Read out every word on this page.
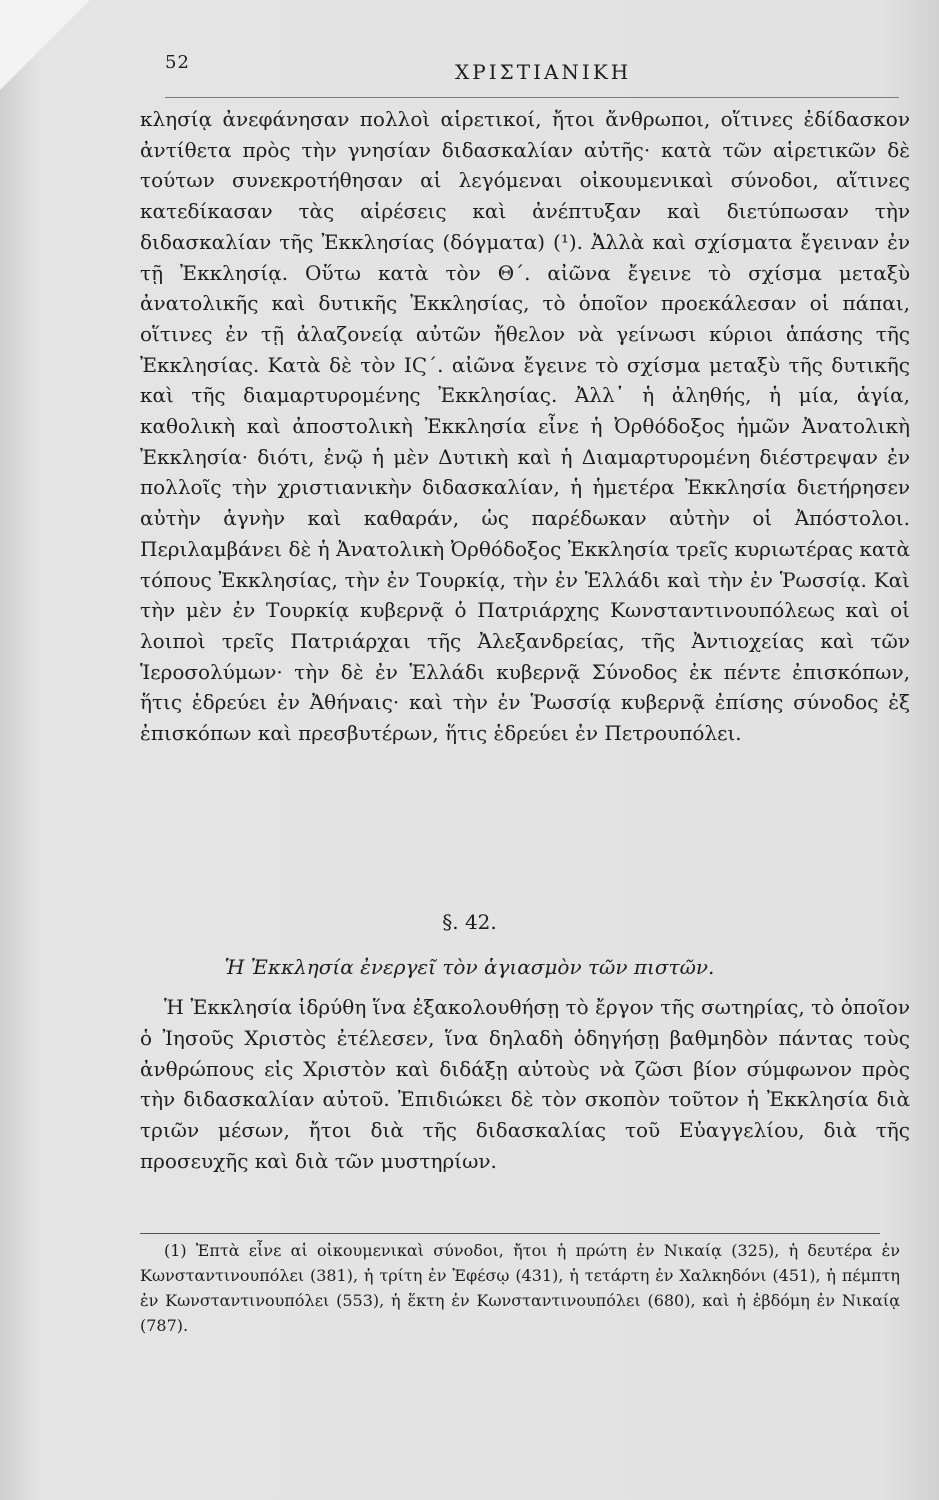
52	ΧΡΙΣΤΙΑΝΙΚΗ
κλησίᾳ ἀνεφάνησαν πολλοὶ αἱρετικοί, ἤτοι ἄνθρωποι, οἵτινες ἐδίδασκον ἀντίθετα πρὸς τὴν γνησίαν διδασκαλίαν αὐτῆς· κατὰ τῶν αἱρετικῶν δὲ τούτων συνεκροτήθησαν αἱ λεγόμεναι οἰκουμενικαὶ σύνοδοι, αἵτινες κατεδίκασαν τὰς αἱρέσεις καὶ ἀνέπτυξαν καὶ διετύπωσαν τὴν διδασκαλίαν τῆς Ἐκκλησίας (δόγματα) (¹). Ἀλλὰ καὶ σχίσματα ἔγειναν ἐν τῇ Ἐκκλησίᾳ. Οὕτω κατὰ τὸν Θ΄. αἰῶνα ἔγεινε τὸ σχίσμα μεταξὺ ἀνατολικῆς καὶ δυτικῆς Ἐκκλησίας, τὸ ὁποῖον προεκάλεσαν οἱ πάπαι, οἵτινες ἐν τῇ ἀλαζονείᾳ αὐτῶν ἤθελον νὰ γείνωσι κύριοι ἁπάσης τῆς Ἐκκλησίας. Κατὰ δὲ τὸν ΙϚ΄. αἰῶνα ἔγεινε τὸ σχίσμα μεταξὺ τῆς δυτικῆς καὶ τῆς διαμαρτυρομένης Ἐκκλησίας. Ἀλλ᾽ ἡ ἀληθής, ἡ μία, ἁγία, καθολικὴ καὶ ἀποστολικὴ Ἐκκλησία εἶνε ἡ Ὀρθόδοξος ἡμῶν Ἀνατολικὴ Ἐκκλησία· διότι, ἐνῷ ἡ μὲν Δυτικὴ καὶ ἡ Διαμαρτυρομένη διέστρεψαν ἐν πολλοῖς τὴν χριστιανικὴν διδασκαλίαν, ἡ ἡμετέρα Ἐκκλησία διετήρησεν αὐτὴν ἁγνὴν καὶ καθαράν, ὡς παρέδωκαν αὐτὴν οἱ Ἀπόστολοι. Περιλαμβάνει δὲ ἡ Ἀνατολικὴ Ὀρθόδοξος Ἐκκλησία τρεῖς κυριωτέρας κατὰ τόπους Ἐκκλησίας, τὴν ἐν Τουρκίᾳ, τὴν ἐν Ἑλλάδι καὶ τὴν ἐν Ῥωσσίᾳ. Καὶ τὴν μὲν ἐν Τουρκίᾳ κυβερνᾷ ὁ Πατριάρχης Κωνσταντινουπόλεως καὶ οἱ λοιποὶ τρεῖς Πατριάρχαι τῆς Ἀλεξανδρείας, τῆς Ἀντιοχείας καὶ τῶν Ἱεροσολύμων· τὴν δὲ ἐν Ἑλλάδι κυβερνᾷ Σύνοδος ἐκ πέντε ἐπισκόπων, ἥτις ἑδρεύει ἐν Ἀθήναις· καὶ τὴν ἐν Ῥωσσίᾳ κυβερνᾷ ἐπίσης σύνοδος ἐξ ἐπισκόπων καὶ πρεσβυτέρων, ἥτις ἑδρεύει ἐν Πετρουπόλει.
§. 42.
Ἡ Ἐκκλησία ἐνεργεῖ τὸν ἁγιασμὸν τῶν πιστῶν.
Ἡ Ἐκκλησία ἱδρύθη ἵνα ἐξακολουθήσῃ τὸ ἔργον τῆς σωτηρίας, τὸ ὁποῖον ὁ Ἰησοῦς Χριστὸς ἐτέλεσεν, ἵνα δηλαδὴ ὁδηγήσῃ βαθμηδὸν πάντας τοὺς ἀνθρώπους εἰς Χριστὸν καὶ διδάξῃ αὐτοὺς νὰ ζῶσι βίον σύμφωνον πρὸς τὴν διδασκαλίαν αὐτοῦ. Ἐπιδιώκει δὲ τὸν σκοπὸν τοῦτον ἡ Ἐκκλησία διὰ τριῶν μέσων, ἤτοι διὰ τῆς διδασκαλίας τοῦ Εὐαγγελίου, διὰ τῆς προσευχῆς καὶ διὰ τῶν μυστηρίων.
(1) Ἑπτὰ εἶνε αἱ οἰκουμενικαὶ σύνοδοι, ἤτοι ἡ πρώτη ἐν Νικαίᾳ (325), ἡ δευτέρα ἐν Κωνσταντινουπόλει (381), ἡ τρίτη ἐν Ἐφέσῳ (431), ἡ τετάρτη ἐν Χαλκηδόνι (451), ἡ πέμπτη ἐν Κωνσταντινουπόλει (553), ἡ ἕκτη ἐν Κωνσταντινουπόλει (680), καὶ ἡ ἑβδόμη ἐν Νικαίᾳ (787).
